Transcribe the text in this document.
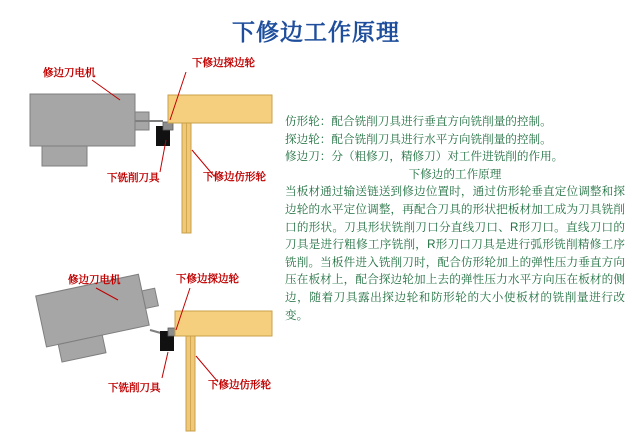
下修边工作原理
修边刀电机
下修边探边轮
下铣削刀具	下修边仿形轮
修边刀电机	下修边探边轮
下铣削刀具	下修边仿形轮

仿形轮：配合铣削刀具进行垂直方向铣削量的控制。

探边轮：配合铣削刀具进行水平方向铣削量的控制。

修边刀：分（粗修刀，精修刀）对工件进铣削的作用。

下修边的工作原理

当板材通过输送链送到修边位置时，通过仿形轮垂直定位调整和探边轮的水平定位调整，再配合刀具的形状把板材加工成为刀具铣削口的形状。刀具形状铣削刀口分直线刀口、R形刀口。直线刀口的刀具是进行粗修工序铣削，R形刀口刀具是进行弧形铣削精修工序铣削。当板件进入铣削刀时，配合仿形轮加上的弹性压力垂直方向压在板材上，配合探边轮加上去的弹性压力水平方向压在板材的侧边，随着刀具露出探边轮和防形轮的大小使板材的铣削量进行改变。
